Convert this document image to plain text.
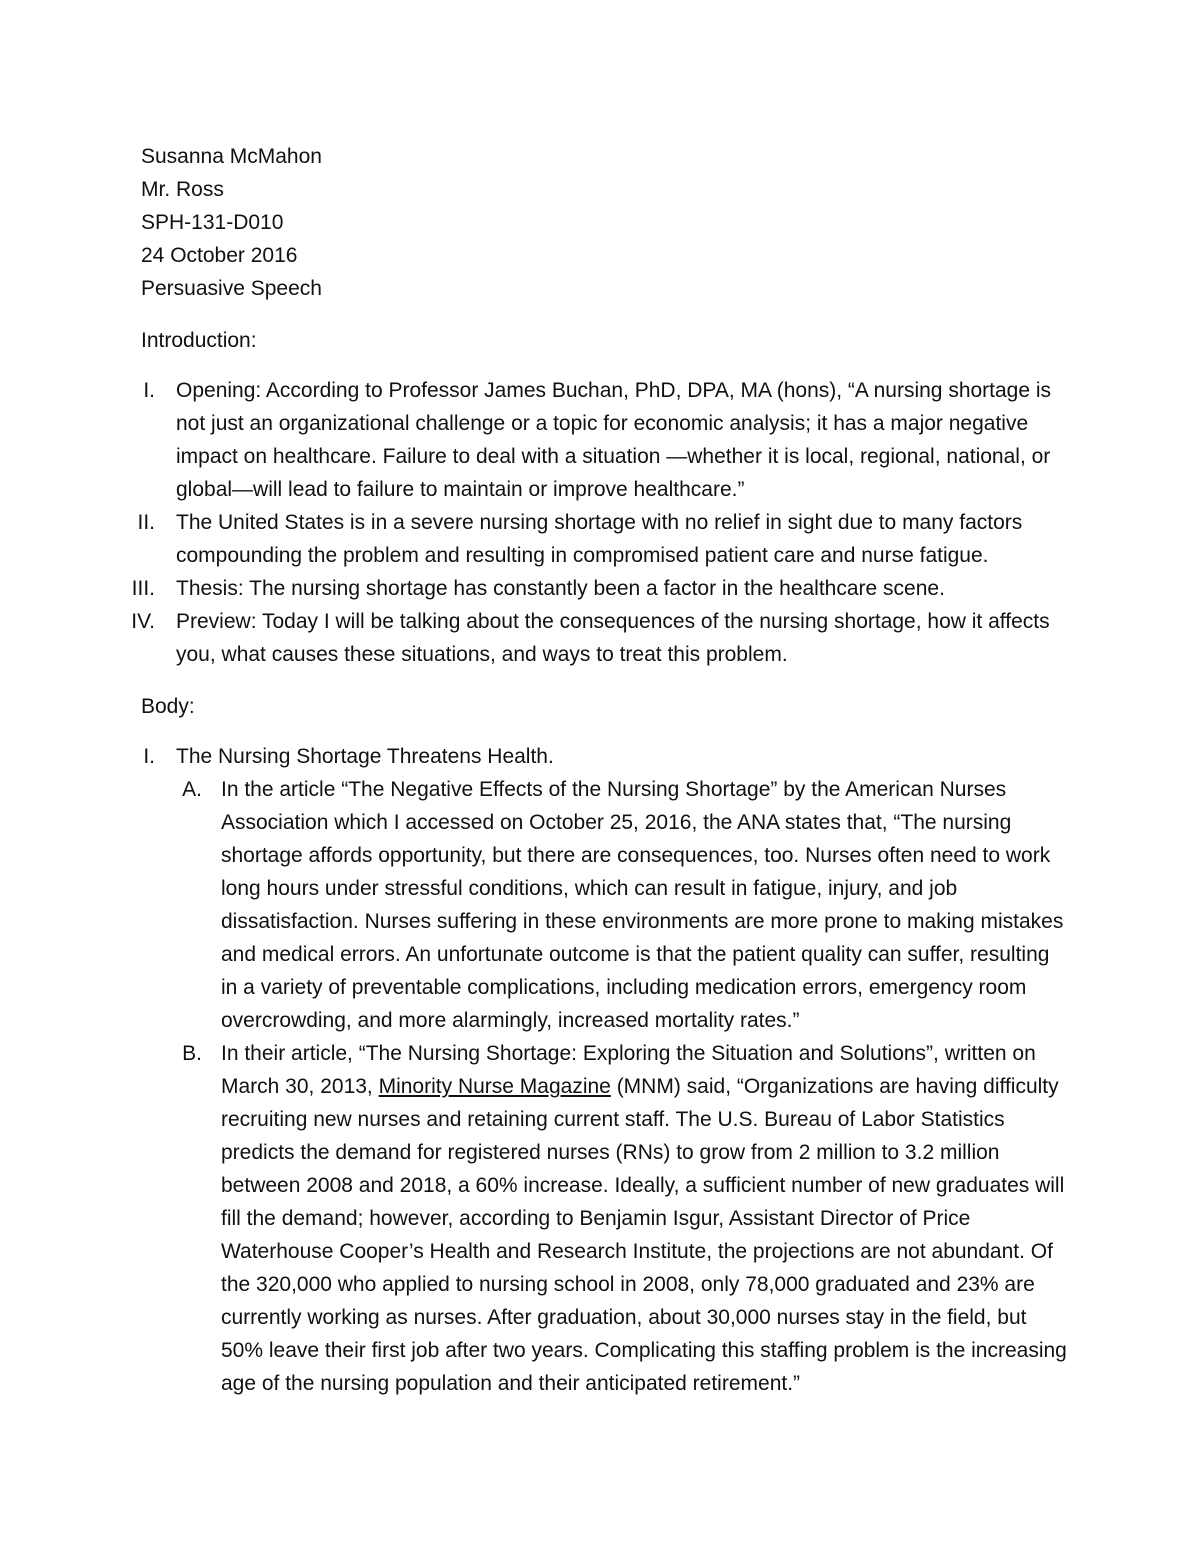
Susanna McMahon
Mr. Ross
SPH-131-D010
24 October 2016
Persuasive Speech
Introduction:
I. Opening: According to Professor James Buchan, PhD, DPA, MA (hons), “A nursing shortage is not just an organizational challenge or a topic for economic analysis; it has a major negative impact on healthcare. Failure to deal with a situation —whether it is local, regional, national, or global—will lead to failure to maintain or improve healthcare.”
II. The United States is in a severe nursing shortage with no relief in sight due to many factors compounding the problem and resulting in compromised patient care and nurse fatigue.
III. Thesis: The nursing shortage has constantly been a factor in the healthcare scene.
IV. Preview: Today I will be talking about the consequences of the nursing shortage, how it affects you, what causes these situations, and ways to treat this problem.
Body:
I. The Nursing Shortage Threatens Health.
A. In the article “The Negative Effects of the Nursing Shortage” by the American Nurses Association which I accessed on October 25, 2016, the ANA states that, “The nursing shortage affords opportunity, but there are consequences, too. Nurses often need to work long hours under stressful conditions, which can result in fatigue, injury, and job dissatisfaction. Nurses suffering in these environments are more prone to making mistakes and medical errors. An unfortunate outcome is that the patient quality can suffer, resulting in a variety of preventable complications, including medication errors, emergency room overcrowding, and more alarmingly, increased mortality rates.”
B. In their article, “The Nursing Shortage: Exploring the Situation and Solutions”, written on March 30, 2013, Minority Nurse Magazine (MNM) said, “Organizations are having difficulty recruiting new nurses and retaining current staff. The U.S. Bureau of Labor Statistics predicts the demand for registered nurses (RNs) to grow from 2 million to 3.2 million between 2008 and 2018, a 60% increase. Ideally, a sufficient number of new graduates will fill the demand; however, according to Benjamin Isgur, Assistant Director of Price Waterhouse Cooper’s Health and Research Institute, the projections are not abundant. Of the 320,000 who applied to nursing school in 2008, only 78,000 graduated and 23% are currently working as nurses. After graduation, about 30,000 nurses stay in the field, but 50% leave their first job after two years. Complicating this staffing problem is the increasing age of the nursing population and their anticipated retirement.”
